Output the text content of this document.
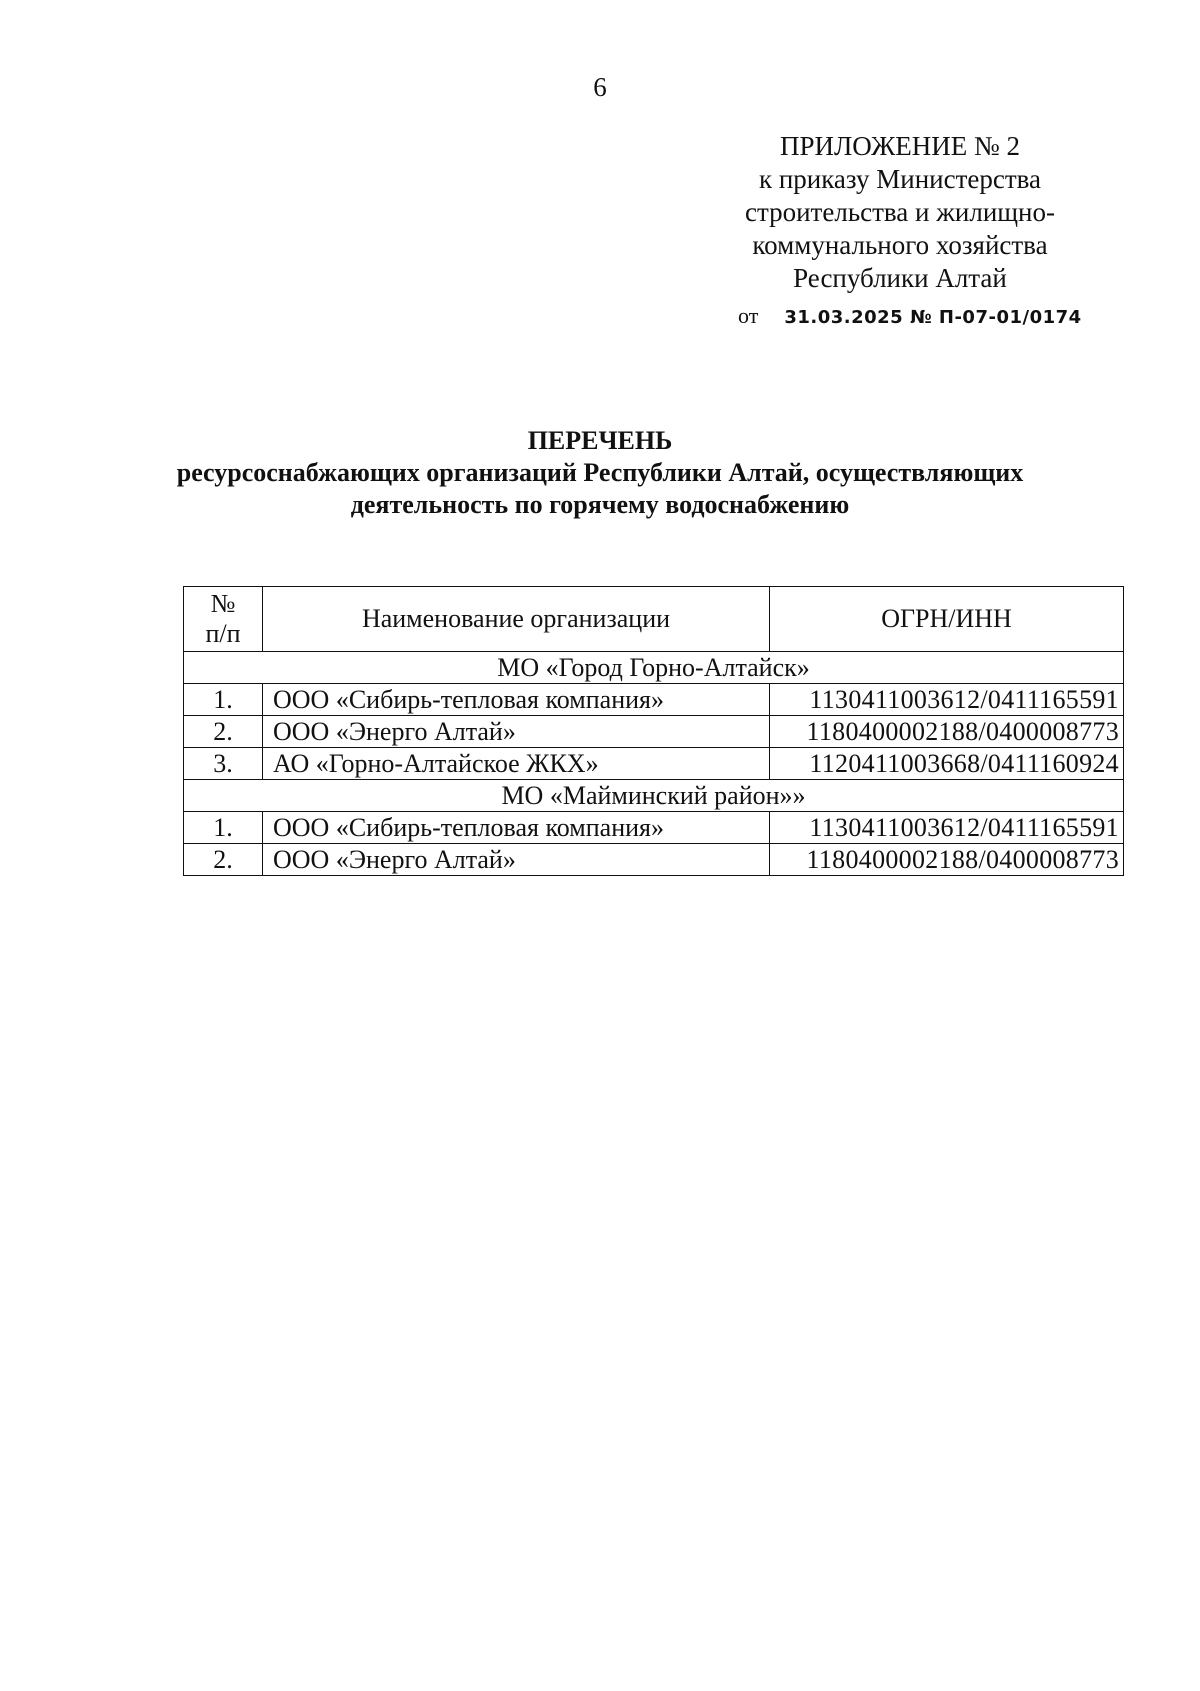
6
ПРИЛОЖЕНИЕ № 2
к приказу Министерства
строительства и жилищно-
коммунального хозяйства
Республики Алтай
от 31.03.2025 № П-07-01/0174
ПЕРЕЧЕНЬ
ресурсоснабжающих организаций Республики Алтай, осуществляющих
деятельность по горячему водоснабжению
№
п/п	Наименование организации	ОГРН/ИНН
МО «Город Горно-Алтайск»		
1.	ООО «Сибирь-тепловая компания»	1130411003612/0411165591
2.	ООО «Энерго Алтай»	1180400002188/0400008773
3.	АО «Горно-Алтайское ЖКХ»	1120411003668/0411160924
МО «Майминский район»»		
1.	ООО «Сибирь-тепловая компания»	1130411003612/0411165591
2.	ООО «Энерго Алтай»	1180400002188/0400008773
